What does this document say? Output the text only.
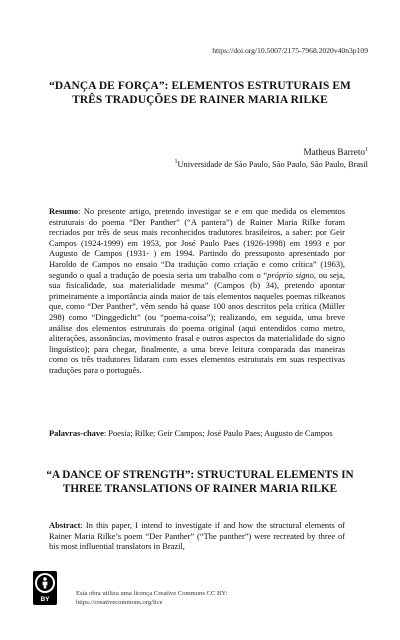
https://doi.org/10.5007/2175-7968.2020v40n3p109
“DANÇA DE FORÇA”: ELEMENTOS ESTRUTURAIS EM TRÊS TRADUÇÕES DE RAINER MARIA RILKE
Matheus Barreto$^1$
$^1$Universidade de São Paulo, São Paulo, São Paulo, Brasil
Resumo: No presente artigo, pretendo investigar se e em que medida os elementos estruturais do poema “Der Panther” (“A pantera”) de Rainer Maria Rilke foram recriados por três de seus mais reconhecidos tradutores brasileiros, a saber: por Geir Campos (1924-1999) em 1953, por José Paulo Paes (1926-1998) em 1993 e por Augusto de Campos (1931- ) em 1994. Partindo do pressuposto apresentado por Haroldo de Campos no ensaio “Da tradução como criação e como crítica” (1963), segundo o qual a tradução de poesia seria um trabalho com o “próprio signo, ou seja, sua fisicalidade, sua materialidade mesma” (Campos (b) 34), pretendo apontar primeiramente a importância ainda maior de tais elementos naqueles poemas rilkeanos que, como “Der Panther”, vêm sendo há quase 100 anos descritos pela crítica (Müller 298) como “Dinggedicht” (ou “poema-coisa”); realizando, em seguida, uma breve análise dos elementos estruturais do poema original (aqui entendidos como metro, aliterações, assonâncias, movimento frasal e outros aspectos da materialidade do signo linguístico); para chegar, finalmente, a uma breve leitura comparada das maneiras como os três tradutores lidaram com esses elementos estruturais em suas respectivas traduções para o português.
Palavras-chave: Poesia; Rilke; Geir Campos; José Paulo Paes; Augusto de Campos
“A DANCE OF STRENGTH”: STRUCTURAL ELEMENTS IN THREE TRANSLATIONS OF RAINER MARIA RILKE
Abstract: In this paper, I intend to investigate if and how the structural elements of Rainer Maria Rilke’s poem “Der Panther” (“The panther”) were recreated by three of his most influential translators in Brazil,
BY
Esta obra utiliza uma licença Creative Commons CC BY:
https://creativecommons.org/lice
